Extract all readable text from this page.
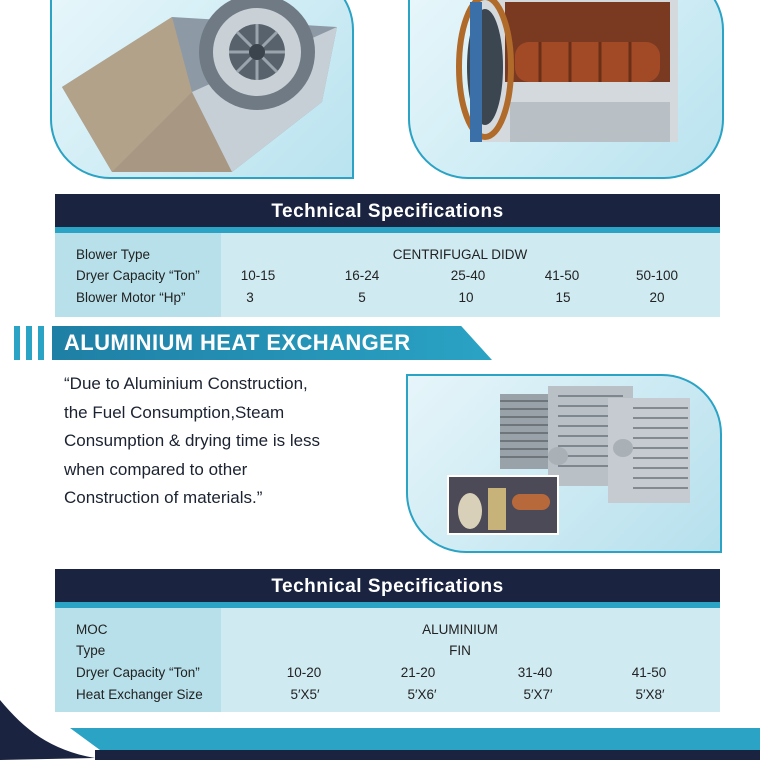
Technical Specifications
Blower Type	CENTRIFUGAL DIDW
Dryer Capacity “Ton”	10-15	16-24	25-40	41-50	50-100
Blower Motor “Hp”	3	5	10	15	20
ALUMINIUM HEAT EXCHANGER
“Due to Aluminium Construction,
the Fuel Consumption,Steam
Consumption & drying time is less
when compared to other
Construction of materials.”
Technical Specifications
MOC	ALUMINIUM
Type	FIN
Dryer Capacity “Ton”	10-20	21-20	31-40	41-50
Heat Exchanger Size	5′X5′	5′X6′	5′X7′	5′X8′
